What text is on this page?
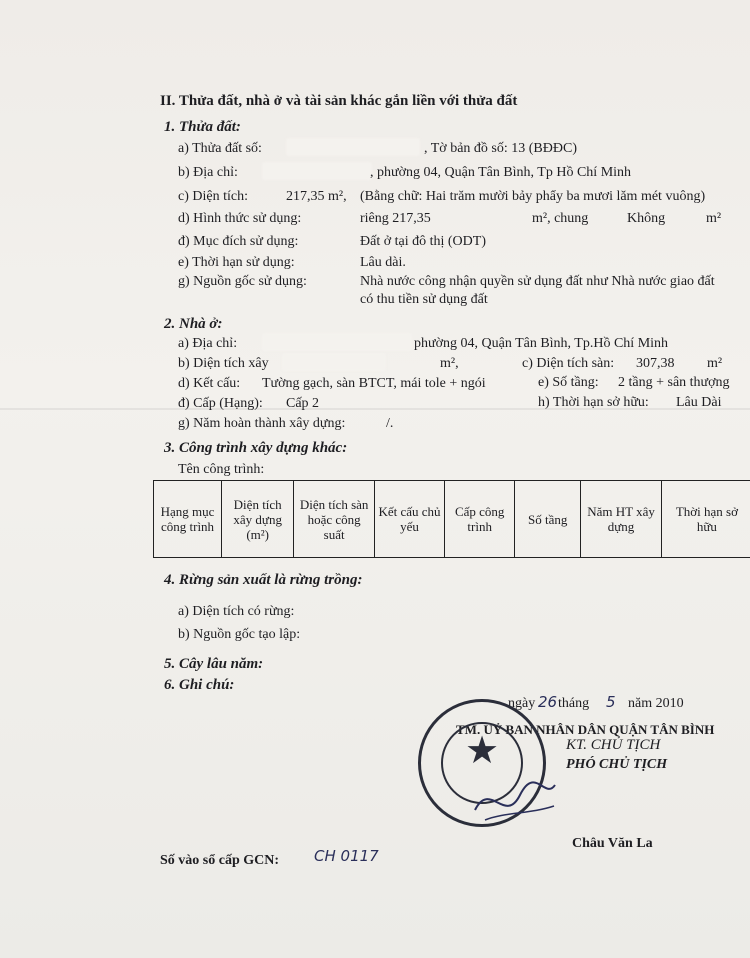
II. Thửa đất, nhà ở và tài sản khác gắn liền với thửa đất
1. Thửa đất:
a) Thửa đất số:	, Tờ bản đồ số: 13 (BĐĐC)
b) Địa chỉ:	, phường 04, Quận Tân Bình, Tp Hồ Chí Minh
c) Diện tích:	217,35 m², (Bằng chữ: Hai trăm mười bảy phẩy ba mươi lăm mét vuông)
d) Hình thức sử dụng:	riêng 217,35	m², chung	Không	m²
đ) Mục đích sử dụng:	Đất ở tại đô thị (ODT)
e) Thời hạn sử dụng:	Lâu dài.
g) Nguồn gốc sử dụng:	Nhà nước công nhận quyền sử dụng đất như Nhà nước giao đất
có thu tiền sử dụng đất
2. Nhà ở:
a) Địa chỉ:	phường 04, Quận Tân Bình, Tp.Hồ Chí Minh
b) Diện tích xây	m²,	c) Diện tích sàn: 307,38 m²
d) Kết cấu: Tường gạch, sàn BTCT, mái tole + ngói	e) Số tầng: 2 tầng + sân thượng
đ) Cấp (Hạng): Cấp 2	h) Thời hạn sở hữu: Lâu Dài
g) Năm hoàn thành xây dựng:	/.
3. Công trình xây dựng khác:
Tên công trình:
Hạng mục công trình	Diện tích xây dựng (m²)	Diện tích sàn hoặc công suất	Kết cấu chủ yếu	Cấp công trình	Số tầng	Năm HT xây dựng	Thời hạn sở hữu
4. Rừng sản xuất là rừng trồng:
a) Diện tích có rừng:
b) Nguồn gốc tạo lập:
5. Cây lâu năm:
6. Ghi chú:
ngày 26 tháng 5 năm 2010
TM. UỶ BAN NHÂN DÂN QUẬN TÂN BÌNH
KT. CHỦ TỊCH
PHÓ CHỦ TỊCH
★
Châu Văn La
Số vào sổ cấp GCN: CH 0117
